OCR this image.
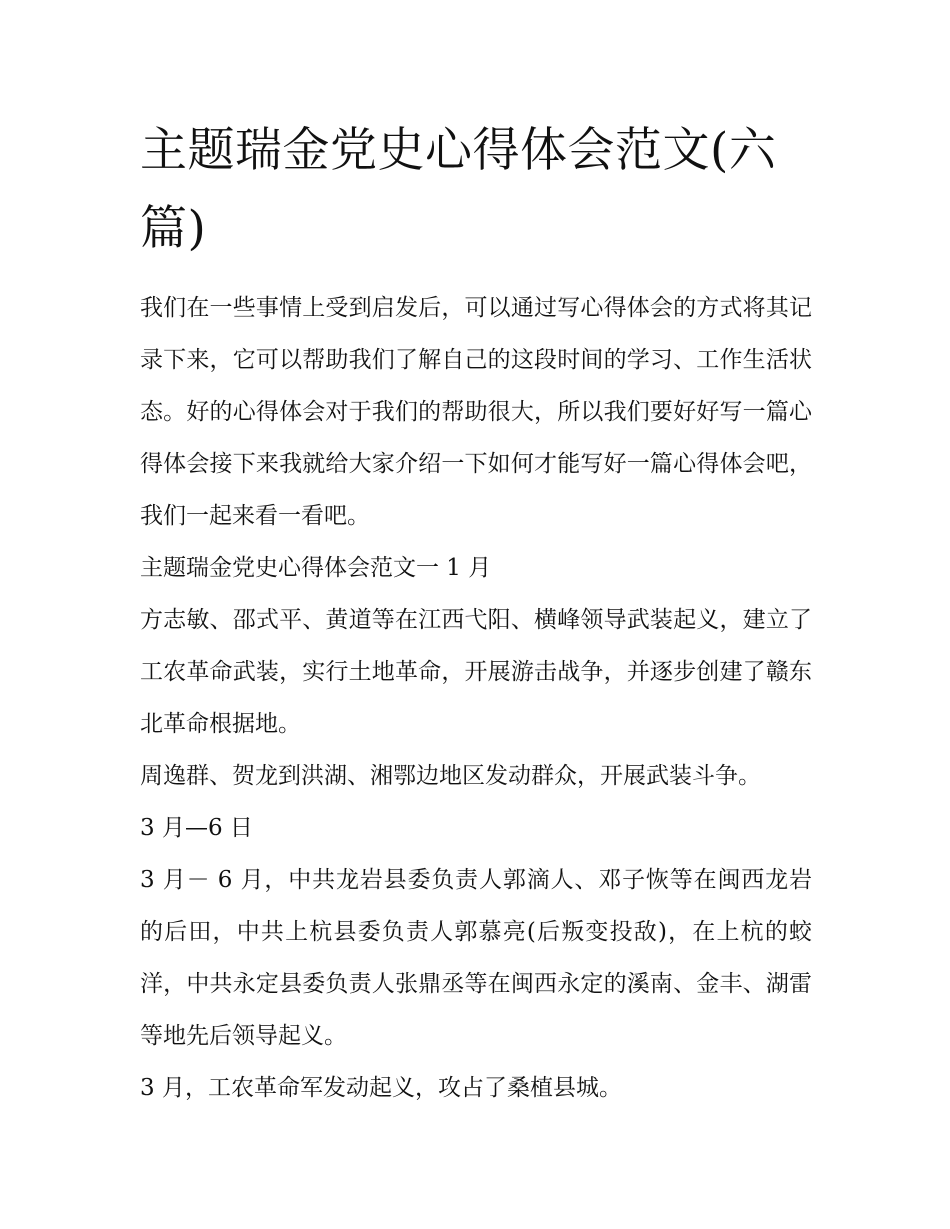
主题瑞金党史心得体会范文(六篇)

我们在一些事情上受到启发后，可以通过写心得体会的方式将其记录下来，它可以帮助我们了解自己的这段时间的学习、工作生活状态。好的心得体会对于我们的帮助很大，所以我们要好好写一篇心得体会接下来我就给大家介绍一下如何才能写好一篇心得体会吧，我们一起来看一看吧。

主题瑞金党史心得体会范文一 1 月

方志敏、邵式平、黄道等在江西弋阳、横峰领导武装起义，建立了工农革命武装，实行土地革命，开展游击战争，并逐步创建了赣东北革命根据地。

周逸群、贺龙到洪湖、湘鄂边地区发动群众，开展武装斗争。

3 月—6 日

3 月－ 6 月，中共龙岩县委负责人郭滴人、邓子恢等在闽西龙岩的后田，中共上杭县委负责人郭慕亮(后叛变投敌)，在上杭的蛟洋，中共永定县委负责人张鼎丞等在闽西永定的溪南、金丰、湖雷等地先后领导起义。

3 月，工农革命军发动起义，攻占了桑植县城。
